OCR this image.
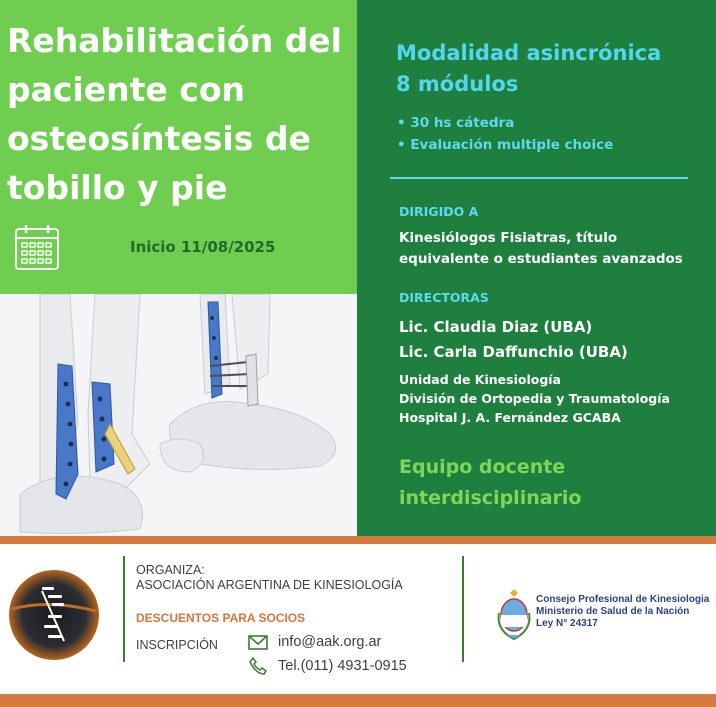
Rehabilitación del
paciente con
osteosíntesis de
tobillo y pie
Inicio 11/08/2025
Modalidad asincrónica
8 módulos
• 30 hs cátedra
• Evaluación multiple choice
DIRIGIDO A
Kinesiólogos Fisiatras, título
equivalente o estudiantes avanzados
DIRECTORAS
Lic. Claudia Diaz (UBA)
Lic. Carla Daffunchio (UBA)
Unidad de Kinesiología
División de Ortopedia y Traumatología
Hospital J. A. Fernández GCABA
Equipo docente
interdisciplinario
ORGANIZA:
ASOCIACIÓN ARGENTINA DE KINESIOLOGÍA
DESCUENTOS PARA SOCIOS
INSCRIPCIÓN	info@aak.org.ar
Tel.(011) 4931-0915
Consejo Profesional de Kinesiologia
Ministerio de Salud de la Nación
Ley N° 24317
